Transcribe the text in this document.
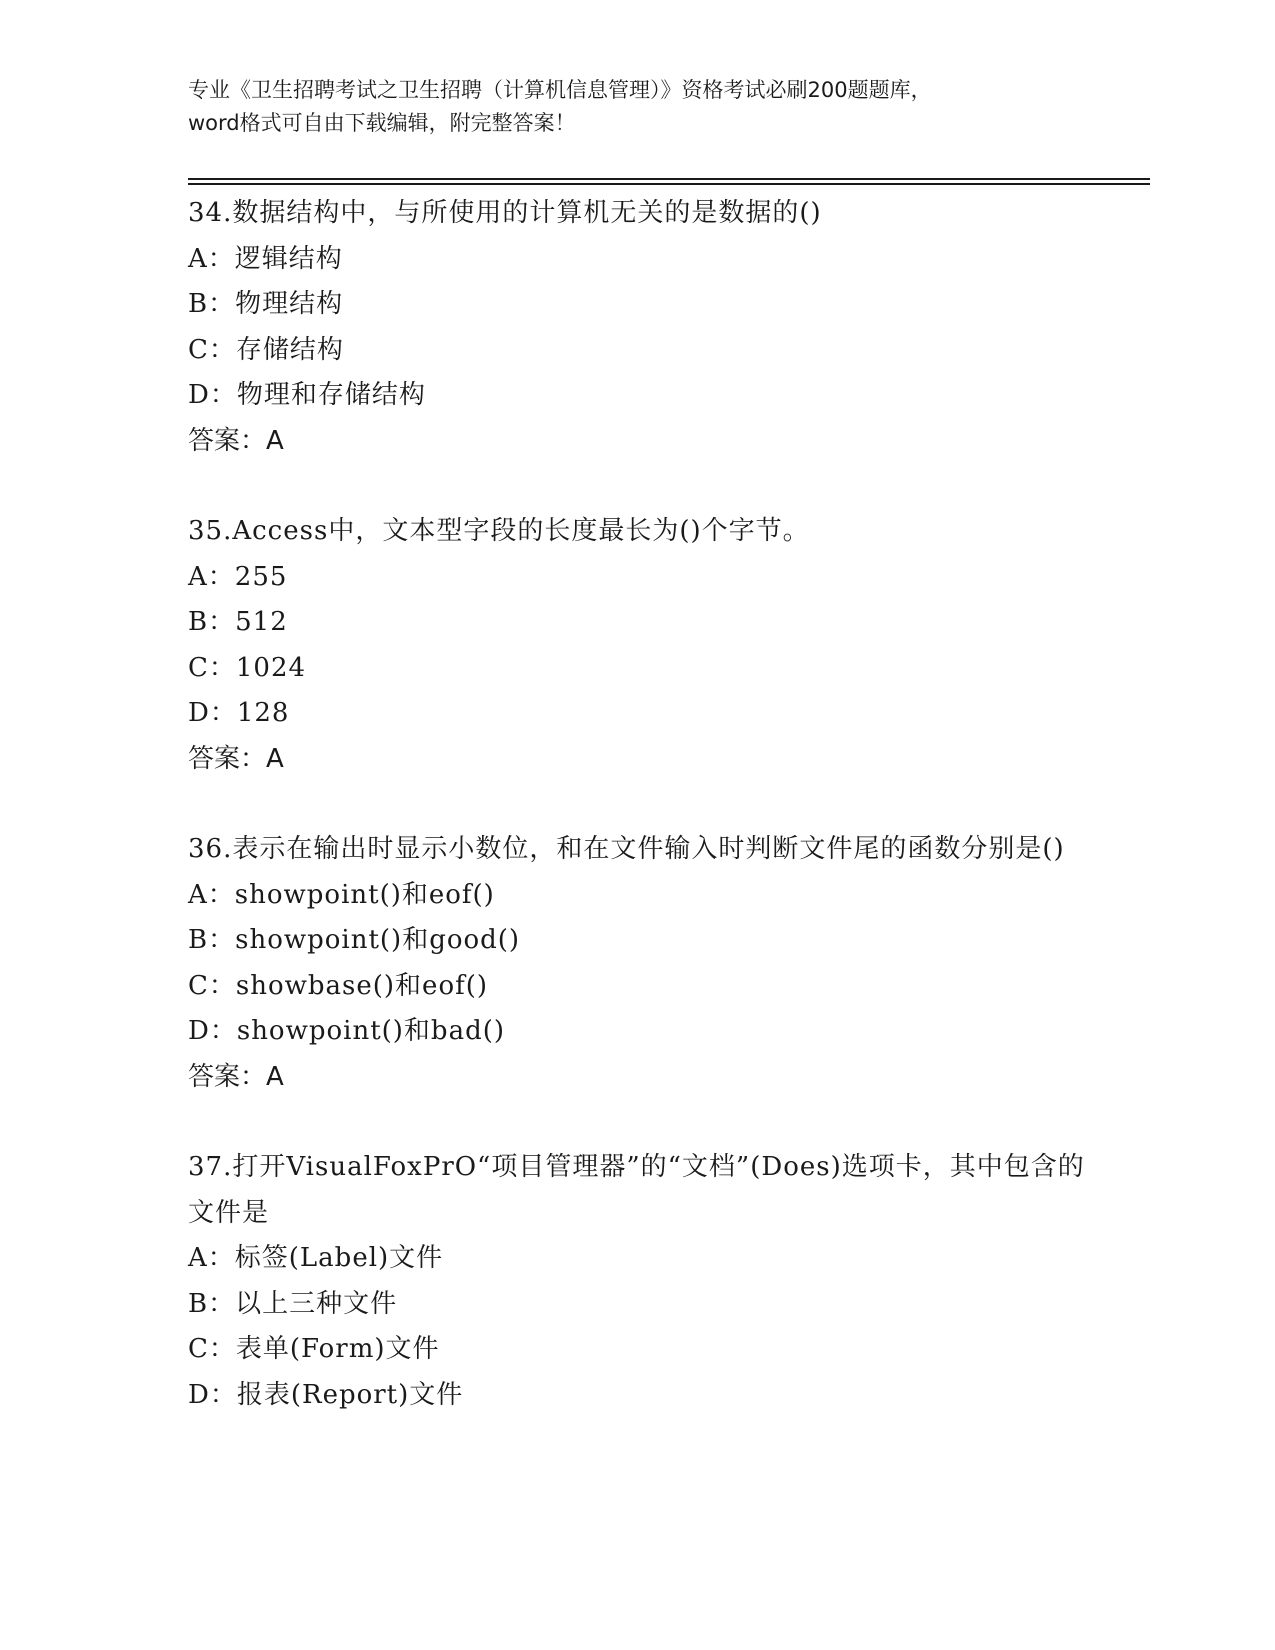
专业《卫生招聘考试之卫生招聘（计算机信息管理）》资格考试必刷200题题库，
word格式可自由下载编辑，附完整答案！
34.数据结构中，与所使用的计算机无关的是数据的()
A：逻辑结构
B：物理结构
C：存储结构
D：物理和存储结构
答案：A
35.Access中，文本型字段的长度最长为()个字节。
A：255
B：512
C：1024
D：128
答案：A
36.表示在输出时显示小数位，和在文件输入时判断文件尾的函数分别是()
A：showpoint()和eof()
B：showpoint()和good()
C：showbase()和eof()
D：showpoint()和bad()
答案：A
37.打开VisualFoxPrO“项目管理器”的“文档”(Does)选项卡，其中包含的文件是
A：标签(Label)文件
B：以上三种文件
C：表单(Form)文件
D：报表(Report)文件
